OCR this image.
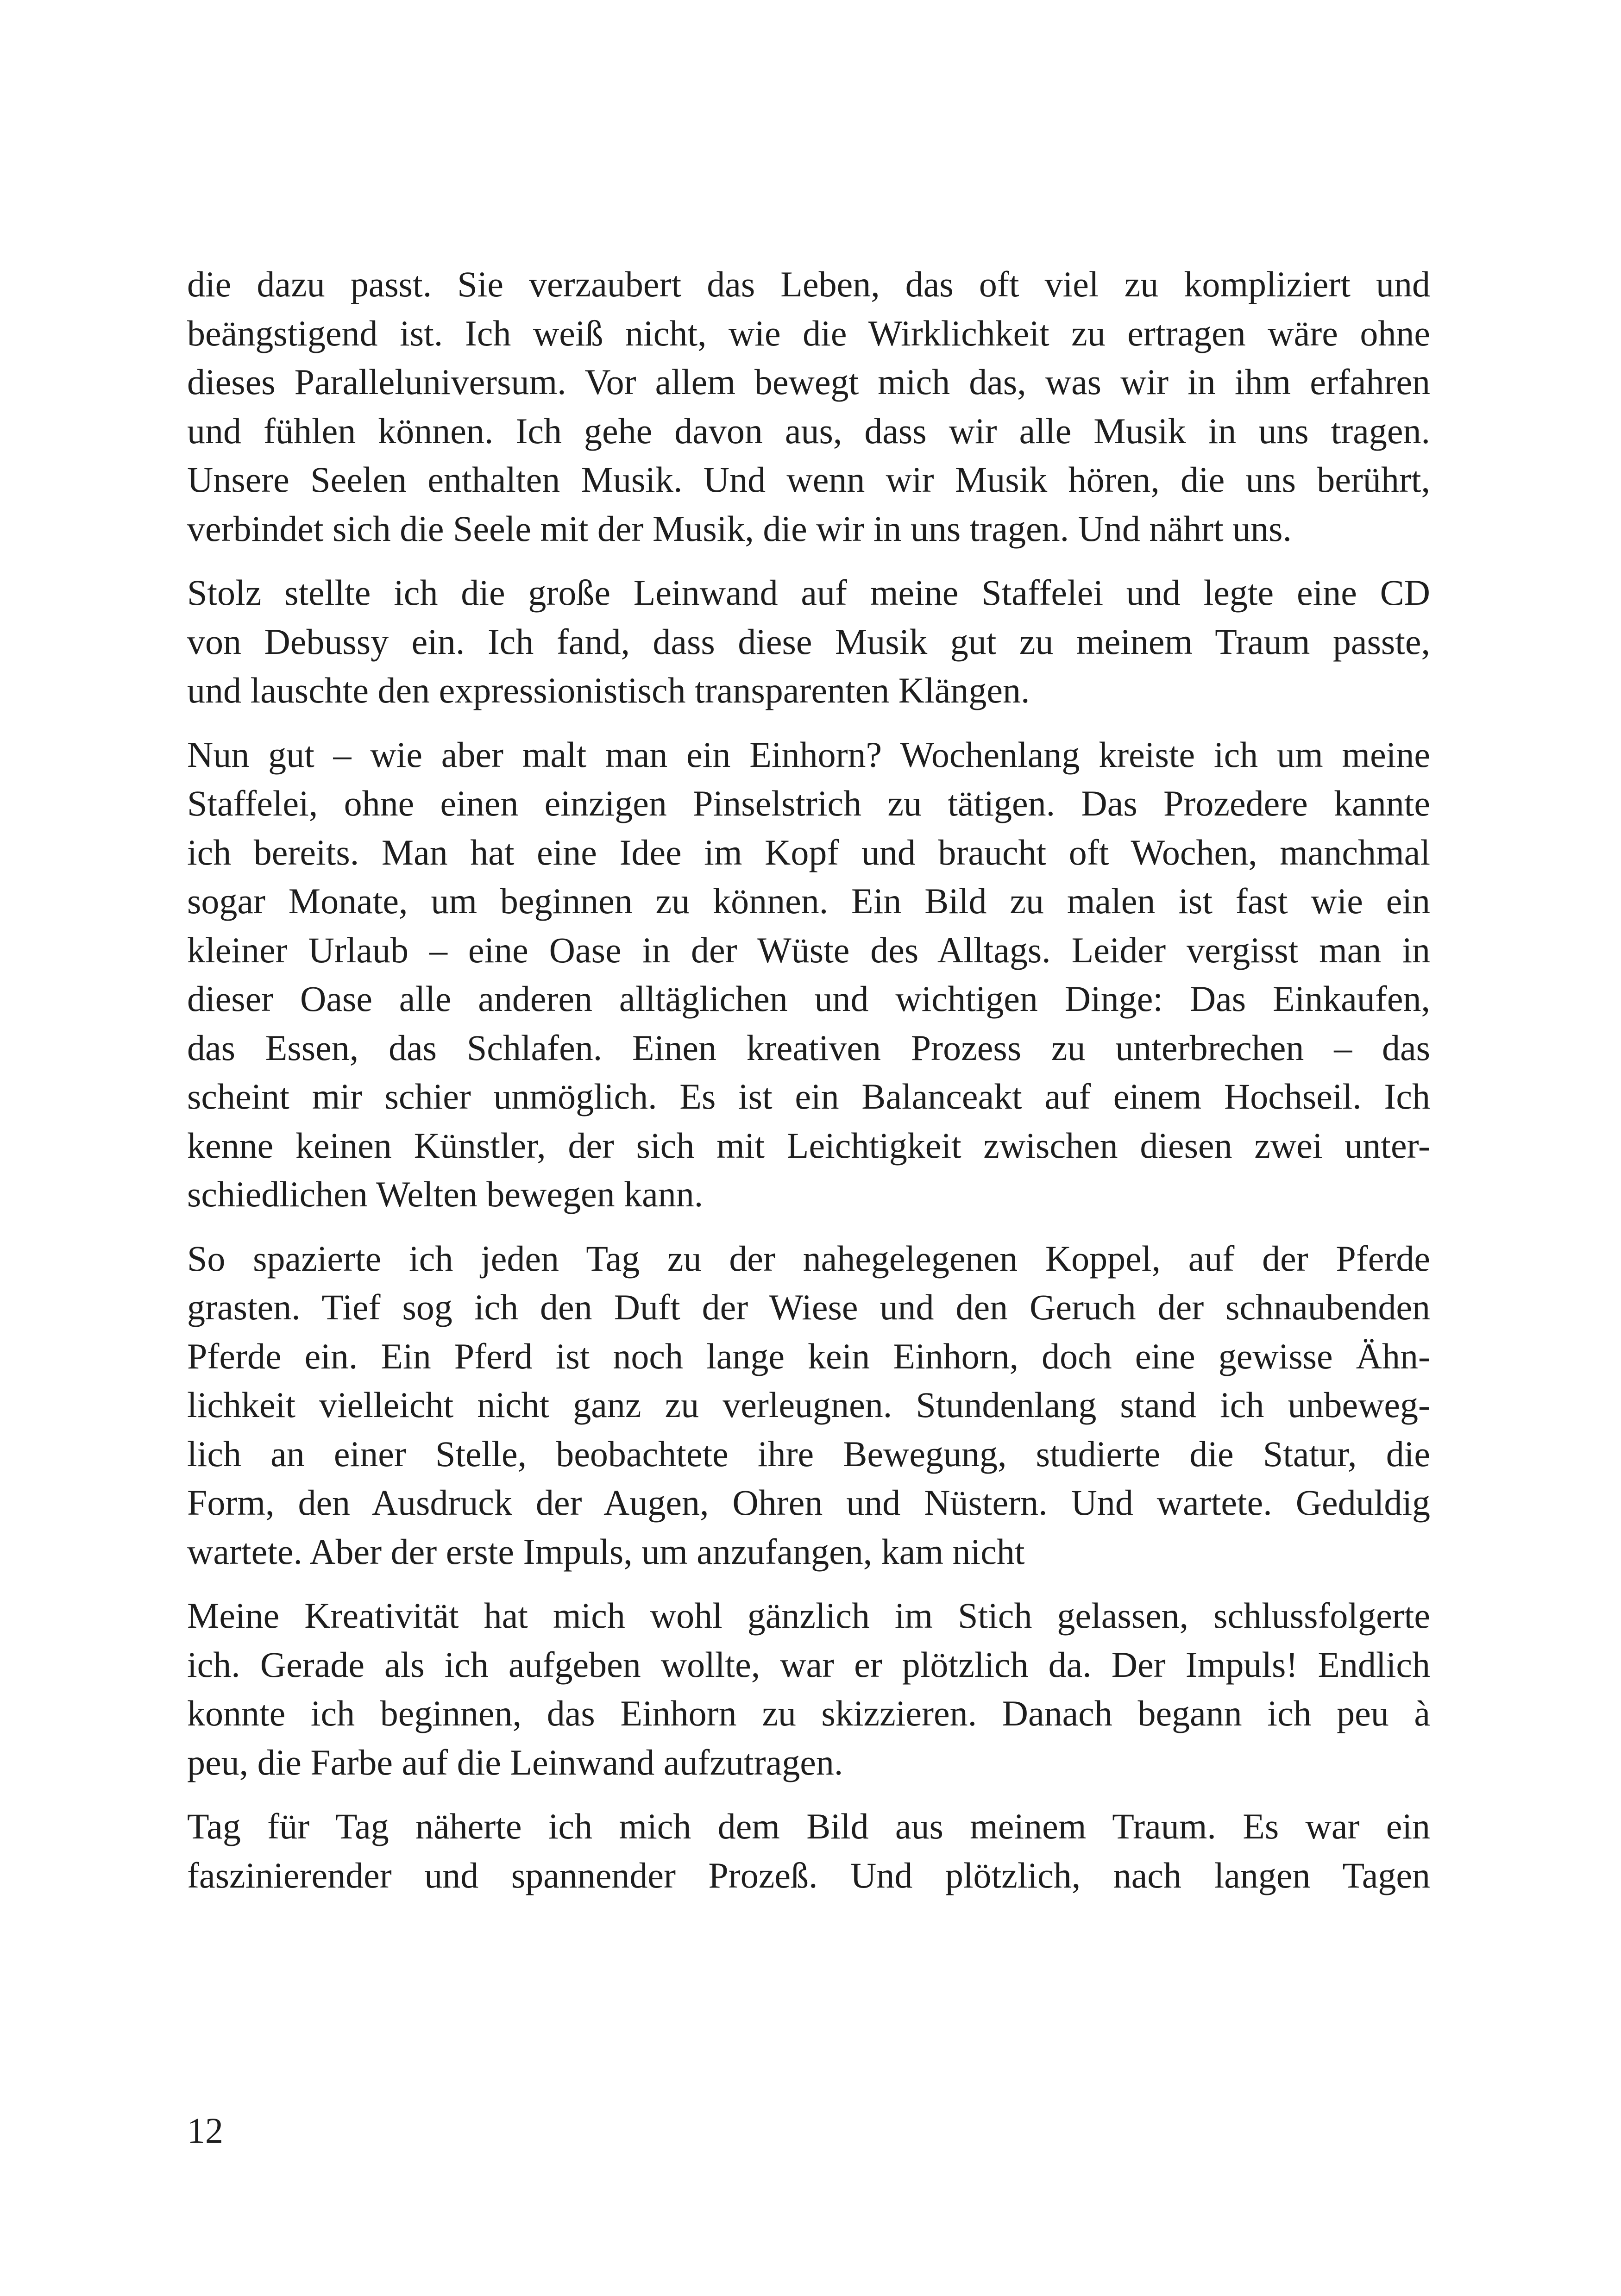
die dazu passt. Sie verzaubert das Leben, das oft viel zu kompliziert und
beängstigend ist. Ich weiß nicht, wie die Wirklichkeit zu ertragen wäre ohne
dieses Paralleluniversum. Vor allem bewegt mich das, was wir in ihm erfahren
und fühlen können. Ich gehe davon aus, dass wir alle Musik in uns tragen.
Unsere Seelen enthalten Musik. Und wenn wir Musik hören, die uns berührt,
verbindet sich die Seele mit der Musik, die wir in uns tragen. Und nährt uns.

Stolz stellte ich die große Leinwand auf meine Staffelei und legte eine CD
von Debussy ein. Ich fand, dass diese Musik gut zu meinem Traum passte,
und lauschte den expressionistisch transparenten Klängen.

Nun gut – wie aber malt man ein Einhorn? Wochenlang kreiste ich um meine
Staffelei, ohne einen einzigen Pinselstrich zu tätigen. Das Prozedere kannte
ich bereits. Man hat eine Idee im Kopf und braucht oft Wochen, manchmal
sogar Monate, um beginnen zu können. Ein Bild zu malen ist fast wie ein
kleiner Urlaub – eine Oase in der Wüste des Alltags. Leider vergisst man in
dieser Oase alle anderen alltäglichen und wichtigen Dinge: Das Einkaufen,
das Essen, das Schlafen. Einen kreativen Prozess zu unterbrechen – das
scheint mir schier unmöglich. Es ist ein Balanceakt auf einem Hochseil. Ich
kenne keinen Künstler, der sich mit Leichtigkeit zwischen diesen zwei unter-
schiedlichen Welten bewegen kann.

So spazierte ich jeden Tag zu der nahegelegenen Koppel, auf der Pferde
grasten. Tief sog ich den Duft der Wiese und den Geruch der schnaubenden
Pferde ein. Ein Pferd ist noch lange kein Einhorn, doch eine gewisse Ähn-
lichkeit vielleicht nicht ganz zu verleugnen. Stundenlang stand ich unbeweg-
lich an einer Stelle, beobachtete ihre Bewegung, studierte die Statur, die
Form, den Ausdruck der Augen, Ohren und Nüstern. Und wartete. Geduldig
wartete. Aber der erste Impuls, um anzufangen, kam nicht

Meine Kreativität hat mich wohl gänzlich im Stich gelassen, schlussfolgerte
ich. Gerade als ich aufgeben wollte, war er plötzlich da. Der Impuls! Endlich
konnte ich beginnen, das Einhorn zu skizzieren. Danach begann ich peu à
peu, die Farbe auf die Leinwand aufzutragen.

Tag für Tag näherte ich mich dem Bild aus meinem Traum. Es war ein
faszinierender und spannender Prozeß. Und plötzlich, nach langen Tagen

12
